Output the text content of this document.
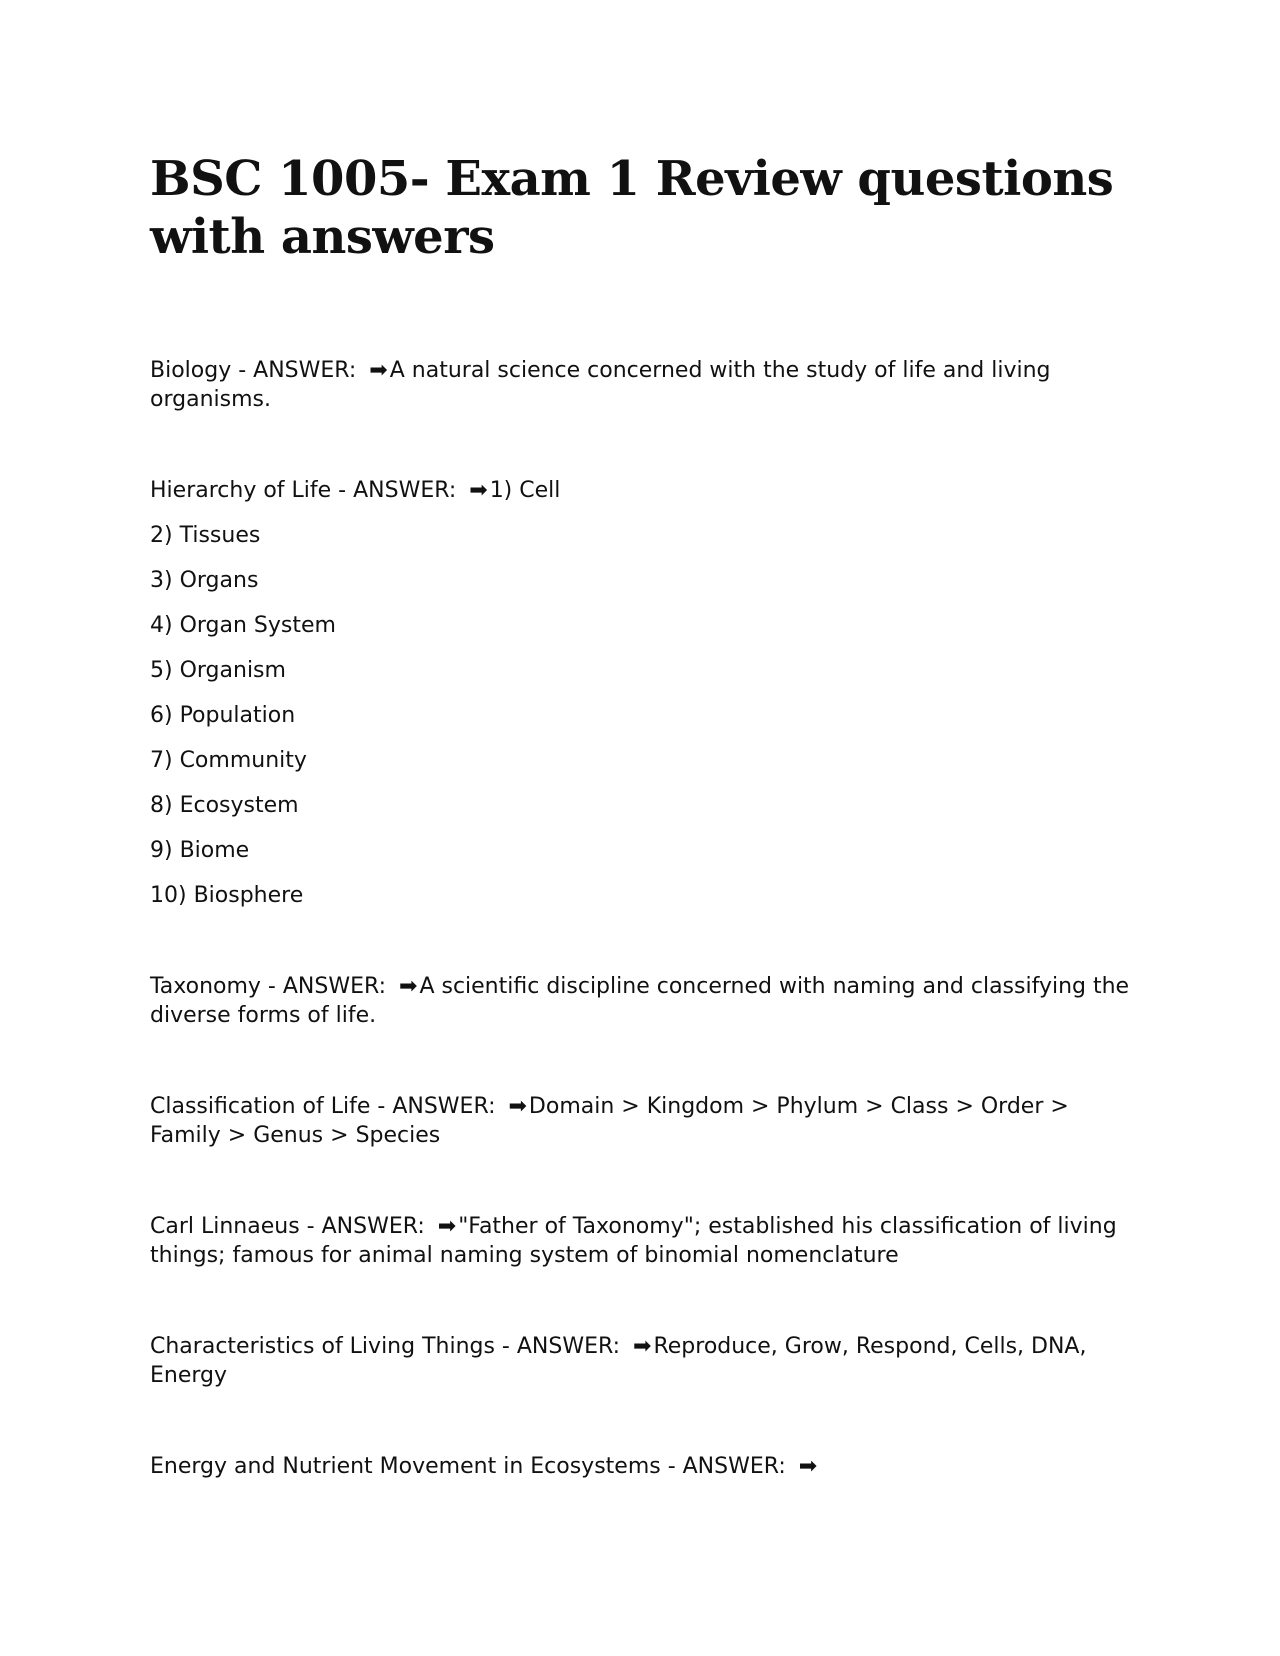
BSC 1005- Exam 1 Review questions with answers

Biology - ANSWER: ➡A natural science concerned with the study of life and living organisms.

Hierarchy of Life - ANSWER: ➡1) Cell

2) Tissues

3) Organs

4) Organ System

5) Organism

6) Population

7) Community

8) Ecosystem

9) Biome

10) Biosphere

Taxonomy - ANSWER: ➡A scientific discipline concerned with naming and classifying the diverse forms of life.

Classification of Life - ANSWER: ➡Domain > Kingdom > Phylum > Class > Order > Family > Genus > Species

Carl Linnaeus - ANSWER: ➡"Father of Taxonomy"; established his classification of living things; famous for animal naming system of binomial nomenclature

Characteristics of Living Things - ANSWER: ➡Reproduce, Grow, Respond, Cells, DNA, Energy

Energy and Nutrient Movement in Ecosystems - ANSWER: ➡
